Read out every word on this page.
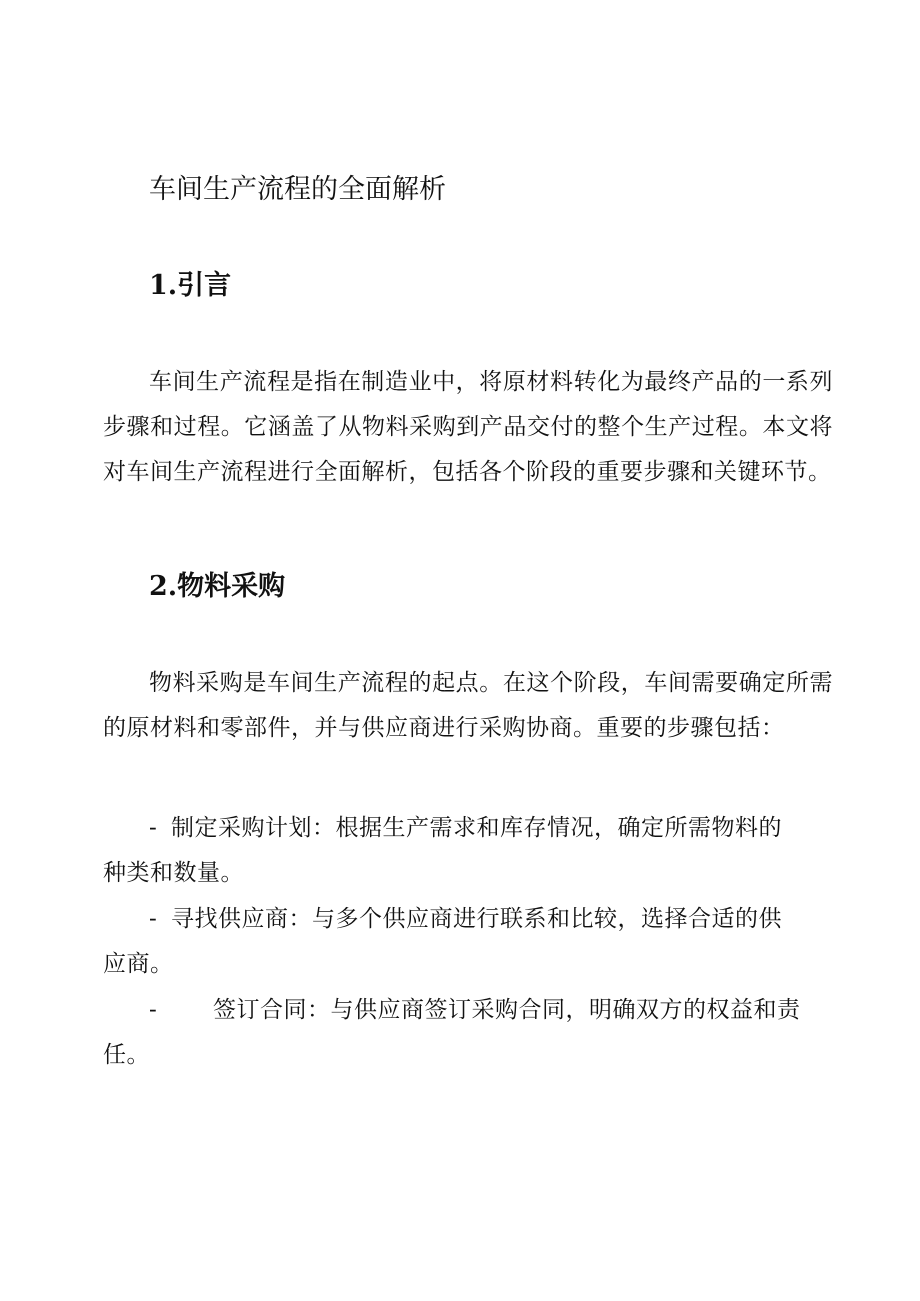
车间生产流程的全面解析
1.引言

车间生产流程是指在制造业中，将原材料转化为最终产品的一系列步骤和过程。它涵盖了从物料采购到产品交付的整个生产过程。本文将对车间生产流程进行全面解析，包括各个阶段的重要步骤和关键环节。

2.物料采购

物料采购是车间生产流程的起点。在这个阶段，车间需要确定所需的原材料和零部件，并与供应商进行采购协商。重要的步骤包括：

- 制定采购计划：根据生产需求和库存情况，确定所需物料的种类和数量。

- 寻找供应商：与多个供应商进行联系和比较，选择合适的供应商。

- 签订合同：与供应商签订采购合同，明确双方的权益和责任。
